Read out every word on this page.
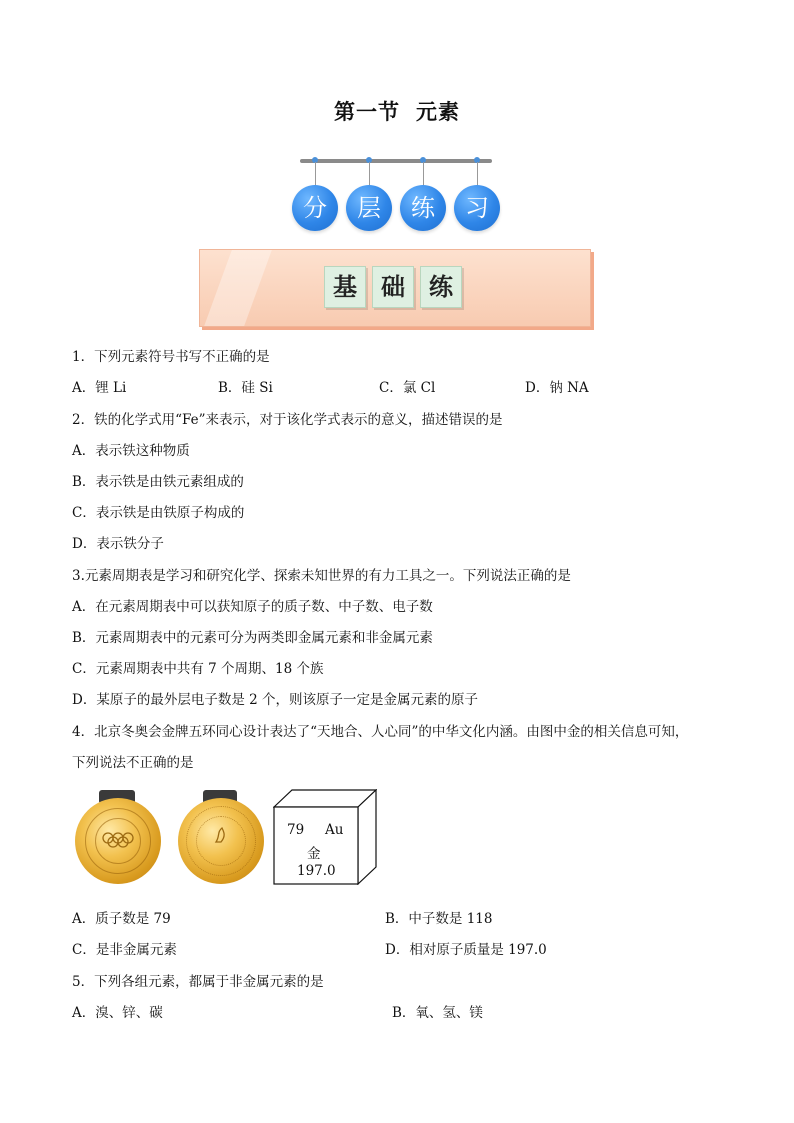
第一节 元素
分	层	练	习
基	础	练
1．下列元素符号书写不正确的是
A．锂 Li	B．硅 Si	C．氯 Cl	D．钠 NA
2．铁的化学式用“Fe”来表示，对于该化学式表示的意义，描述错误的是
A．表示铁这种物质
B．表示铁是由铁元素组成的
C．表示铁是由铁原子构成的
D．表示铁分子
3.元素周期表是学习和研究化学、探索未知世界的有力工具之一。下列说法正确的是
A．在元素周期表中可以获知原子的质子数、中子数、电子数
B．元素周期表中的元素可分为两类即金属元素和非金属元素
C．元素周期表中共有 7 个周期、18 个族
D．某原子的最外层电子数是 2 个，则该原子一定是金属元素的原子
4．北京冬奥会金牌五环同心设计表达了“天地合、人心同”的中华文化内涵。由图中金的相关信息可知，
下列说法不正确的是
79 Au
金
197.0
A．质子数是 79	B．中子数是 118
C．是非金属元素	D．相对原子质量是 197.0
5．下列各组元素，都属于非金属元素的是
A．溴、锌、碳	B．氧、氢、镁
